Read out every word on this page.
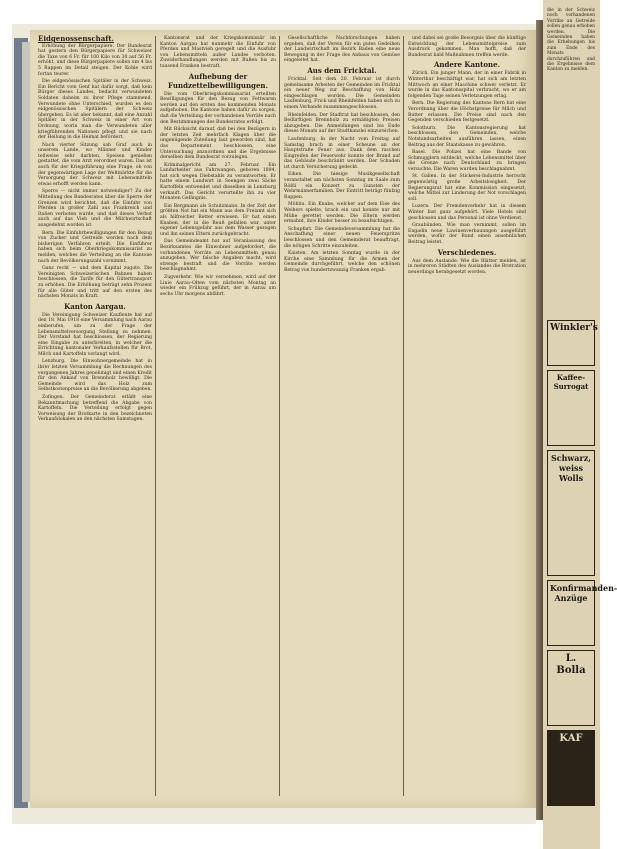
Eidgenossenschaft.

Erhöhung der Bürgerpapiere. Der Bundesrat hat gestern den Bürgerpapiere für Schweizer die Taxe von 6 Fr. für 100 Kilo von 30 auf 56 Fr. erhöht, und diese Bürgerpapiere sollen um 4 bis 5 Rappen im Detail steigen. Der Kohle wird fortan teurer.

Die eidgenössischen Spitäler in der Schweiz. Ein Bericht vom Genf hat dafür sorgt, daß kein Bürger dieses Landes, bedacht verwundeten Soldaten daheim zu ihrer Pflege stammend, Verwundete ohne Unterschied, wurden es den eidgenössischen Spitälern der Schweiz übergeben. Es ist aber bekannt, daß eine Anzahl Spitäler in der Schweiz in einer Art von Ordnung, worin man die Verwundeten aller kriegführenden Nationen pflegt und sie nach der Heilung in die Heimat befördert.

Nach vierter Sitzung sah Graf auch in unserem Lande, wo Männer und Kinder teilweise sehr darbten, Speisen genießen gestattet, die vom Arzt verordnet waren. Das ist auch für der Kriegsführung eine Frage, ob von der gegenwärtigen Lage der Weltmärkte für die Versorgung der Schweiz mit Lebensmitteln etwas erhofft werden kann.

Sperre — nicht immer notwendiger? Zu der Mitteilung des Bundesrates über die Sperre der Grenzen wird berichtet, daß die Einfuhr von Pferden in großer Zahl aus Frankreich und Italien verboten wurde, und daß dieses Verbot auch auf das Vieh und die Milchwirtschaft ausgedehnt worden ist.

Bern. Die Einfuhrbewilligungen für den Bezug von Zucker und Getreide werden nach dem bisherigen Verfahren erteilt. Die Einführer haben sich beim Oberkriegskommissariat zu melden, welches die Verteilung an die Kantone nach der Bevölkerungszahl vornimmt.

Ganz recht — und dem Kapital zugute. Die Vereinigten Schweizerischen Bahnen haben beschlossen, die Tarife für den Gütertransport zu erhöhen. Die Erhöhung beträgt zehn Prozent für alle Güter und tritt auf den ersten des nächsten Monats in Kraft.

Kanton Aargau.

Die Vereinigung Schweizer Kaufleute hat auf den 18. Mai 1918 eine Versammlung nach Aarau einberufen, um zu der Frage der Lebensmittelversorgung Stellung zu nehmen. Der Vorstand hat beschlossen, der Regierung eine Eingabe zu unterbreiten, in welcher die Errichtung kantonaler Verkaufsstellen für Brot, Milch und Kartoffeln verlangt wird.

Lenzburg. Die Einwohnergemeinde hat in ihrer letzten Versammlung die Rechnungen des vergangenen Jahres genehmigt und einen Kredit für den Ankauf von Brennholz bewilligt. Die Gemeinde wird das Holz zum Selbstkostenpreise an die Bevölkerung abgeben.

Zofingen. Der Gemeinderat erläßt eine Bekanntmachung betreffend die Abgabe von Kartoffeln. Die Verteilung erfolgt gegen Vorweisung der Brotkarte in den bezeichneten Verkaufslokalen an den nächsten Samstagen.

Kantonsrat und der Kriegskommissär im Kanton Aargau hat nunmehr die Einfuhr von Pferden und Mastvieh geregelt und die Ausfuhr von Lebensmitteln außer Landes verboten. Zuwiderhandlungen werden mit Bußen bis zu tausend Franken bestraft.

Aufhebung der Fundzettelbewilligungen.

Die vom Oberkriegskommissariat erteilten Bewilligungen für den Bezug von Fettwaren werden auf den ersten des kommenden Monats aufgehoben. Die Kantone haben dafür zu sorgen, daß die Verteilung der vorhandenen Vorräte nach den Bestimmungen des Bundesrates erfolgt.

Mit Rücksicht darauf, daß bei den Bezügern in der letzten Zeit mehrfach Klagen über die ungenügende Zuteilung laut geworden sind, hat das Departement beschlossen, eine Untersuchung anzuordnen und die Ergebnisse derselben dem Bundesrat vorzulegen.

Kriminalgericht am 27. Februar. Ein Landarbeiter aus Fahrwangen, geboren 1894, hat sich wegen Diebstahls zu verantworten. Er hatte einem Landwirt in Seengen zwei Säcke Kartoffeln entwendet und dieselben in Lenzburg verkauft. Das Gericht verurteilte ihn zu vier Monaten Gefängnis.

Ein Bergmann als Schutzmann. In der Zeit der größten Not hat ein Mann aus dem Freiamt sich als hilfreicher Retter erwiesen. Er hat einen Knaben, der in die Reuß gefallen war, unter eigener Lebensgefahr aus dem Wasser gezogen und ihn seinen Eltern zurückgebracht.

Das Gemeindeamt hat auf Veranlassung des Bezirksamtes die Einwohner aufgefordert, die vorhandenen Vorräte an Lebensmitteln genau anzugeben. Wer falsche Angaben macht, wird strenge bestraft und die Vorräte werden beschlagnahmt.

Zugverkehr. Wie wir vernehmen, wird auf der Linie Aarau–Olten vom nächsten Montag an wieder ein Frühzug geführt, der in Aarau um sechs Uhr morgens abfährt.

Gesellschaftliche Nachforschungen haben ergeben, daß der Verein für ein gutes Gedeihen der Landwirtschaft im Bezirk Baden eine neue Bewegung in der Frage des Anbaus von Gemüse eingeleitet hat.

Aus dem Fricktal.

Fricktal. Seit dem 20. Februar ist durch gemeinsame Arbeiten der Gemeinden im Fricktal ein neuer Weg zur Beschaffung von Holz eingeschlagen worden. Die Gemeinden Laufenburg, Frick und Rheinfelden haben sich zu einem Verbande zusammengeschlossen.

Rheinfelden. Der Stadtrat hat beschlossen, den Bedürftigen Brennholz zu ermäßigten Preisen abzugeben. Die Anmeldungen sind bis Ende dieses Monats auf der Stadtkanzlei einzureichen.

Laufenburg. In der Nacht vom Freitag auf Samstag brach in einer Scheune an der Hauptstraße Feuer aus. Dank dem raschen Eingreifen der Feuerwehr konnte der Brand auf das Gebäude beschränkt werden. Der Schaden ist durch Versicherung gedeckt.

Eiken. Die hiesige Musikgesellschaft veranstaltet am nächsten Sonntag im Saale zum Rößli ein Konzert zu Gunsten der Wehrmännerfamilien. Der Eintritt beträgt fünfzig Rappen.

Möhlin. Ein Knabe, welcher auf dem Eise des Weihers spielte, brach ein und konnte nur mit Mühe gerettet werden. Die Eltern werden ermahnt, ihre Kinder besser zu beaufsichtigen.

Schupfart. Die Gemeindeversammlung hat die Anschaffung einer neuen Feuerspritze beschlossen und den Gemeinderat beauftragt, die nötigen Schritte einzuleiten.

Kaisten. Am letzten Sonntag wurde in der Kirche eine Sammlung für die Armen der Gemeinde durchgeführt, welche den schönen Betrag von hundertzwanzig Franken ergab.

und dabei sei große Besorgnis über die künftige Entwicklung der Lebensmittelpreise zum Ausdruck gekommen. Man hofft, daß der Bundesrat bald Maßnahmen treffen werde.

Andere Kantone.

Zürich. Ein junger Mann, der in einer Fabrik in Winterthur beschäftigt war, hat sich am letzten Mittwoch an einer Maschine schwer verletzt. Er wurde in das Kantonsspital verbracht, wo er am folgenden Tage seinen Verletzungen erlag.

Bern. Die Regierung des Kantons Bern hat eine Verordnung über die Höchstpreise für Milch und Butter erlassen. Die Preise sind nach den Gegenden verschieden festgesetzt.

Solothurn. Die Kantonsregierung hat beschlossen, den Gemeinden, welche Notstandsarbeiten ausführen lassen, einen Beitrag aus der Staatskasse zu gewähren.

Basel. Die Polizei hat eine Bande von Schmugglern entdeckt, welche Lebensmittel über die Grenze nach Deutschland zu bringen versuchte. Die Waren wurden beschlagnahmt.

St. Gallen. In der Stickerei-Industrie herrscht gegenwärtig große Arbeitslosigkeit. Der Regierungsrat hat eine Kommission eingesetzt, welche Mittel zur Linderung der Not vorschlagen soll.

Luzern. Der Fremdenverkehr hat in diesem Winter fast ganz aufgehört. Viele Hotels sind geschlossen und das Personal ist ohne Verdienst.

Graubünden. Wie man vernimmt, sollen im Engadin neue Lawinenverbauungen ausgeführt werden, wofür der Bund einen ansehnlichen Beitrag leistet.

Verschiedenes.

Aus dem Auslande. Wie die Blätter melden, ist in mehreren Städten des Auslandes die Brotration neuerdings herabgesetzt worden.

die in der Schweiz noch vorhandenen Vorräte an Getreide sollen genau erhoben werden. Die Gemeinden haben die Erhebungen bis zum Ende des Monats durchzuführen und die Ergebnisse dem Kanton zu melden.
Winkler's
Kaffee-Surrogat
Schwarz, weiss Wolls
Konfirmanden-Anzüge
L. Bolla
KAF
